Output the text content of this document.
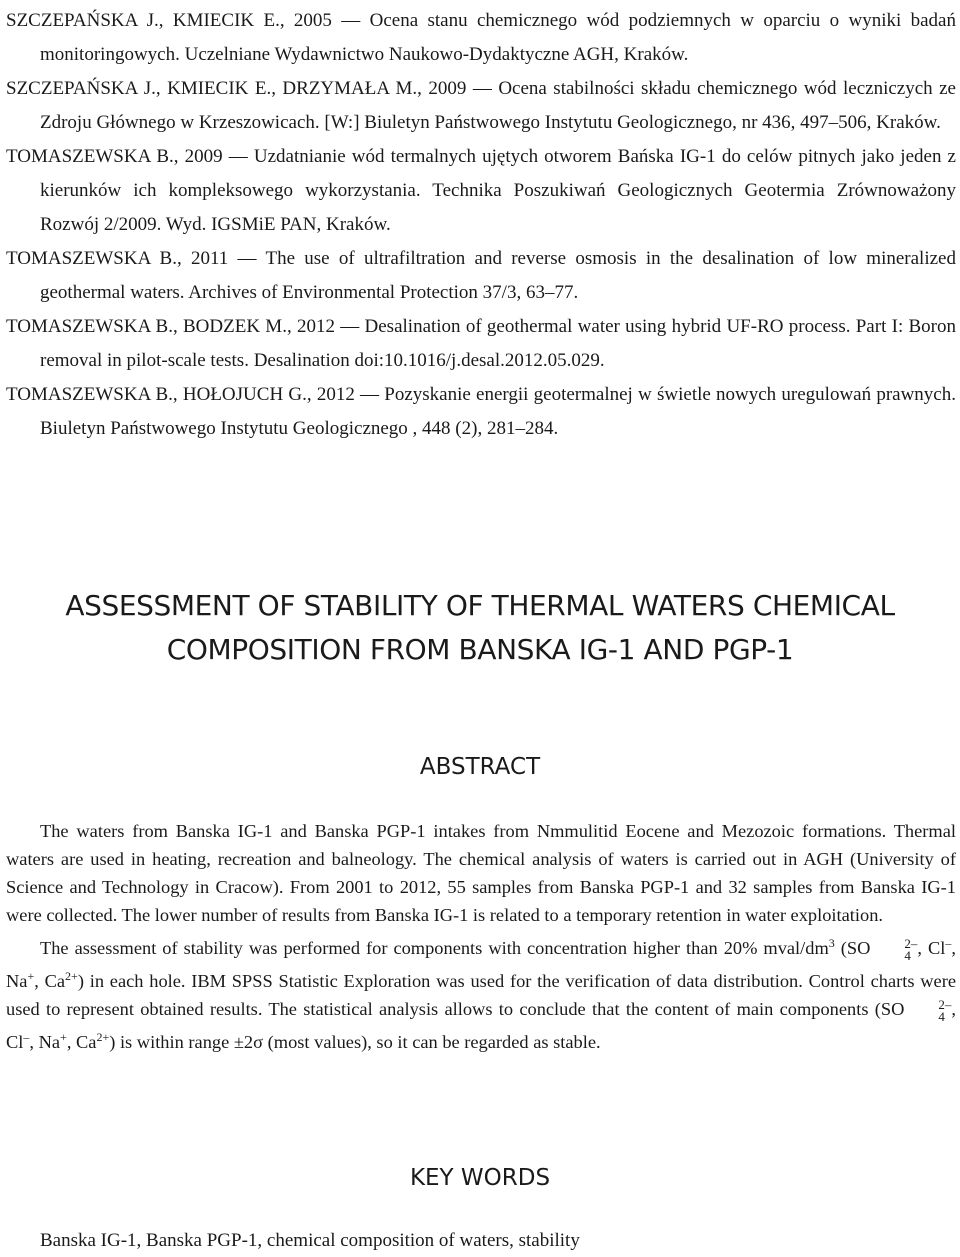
SZCZEPAŃSKA J., KMIECIK E., 2005 — Ocena stanu chemicznego wód podziemnych w oparciu o wyniki badań monitoringowych. Uczelniane Wydawnictwo Naukowo-Dydaktyczne AGH, Kraków.

SZCZEPAŃSKA J., KMIECIK E., DRZYMAŁA M., 2009 — Ocena stabilności składu chemicznego wód leczniczych ze Zdroju Głównego w Krzeszowicach. [W:] Biuletyn Państwowego Instytutu Geologicznego, nr 436, 497–506, Kraków.

TOMASZEWSKA B., 2009 — Uzdatnianie wód termalnych ujętych otworem Bańska IG-1 do celów pitnych jako jeden z kierunków ich kompleksowego wykorzystania. Technika Poszukiwań Geologicznych Geotermia Zrównoważony Rozwój 2/2009. Wyd. IGSMiE PAN, Kraków.

TOMASZEWSKA B., 2011 — The use of ultrafiltration and reverse osmosis in the desalination of low mineralized geothermal waters. Archives of Environmental Protection 37/3, 63–77.

TOMASZEWSKA B., BODZEK M., 2012 — Desalination of geothermal water using hybrid UF-RO process. Part I: Boron removal in pilot-scale tests. Desalination doi:10.1016/j.desal.2012.05.029.

TOMASZEWSKA B., HOŁOJUCH G., 2012 — Pozyskanie energii geotermalnej w świetle nowych uregulowań prawnych. Biuletyn Państwowego Instytutu Geologicznego , 448 (2), 281–284.

ASSESSMENT OF STABILITY OF THERMAL WATERS CHEMICAL
COMPOSITION FROM BANSKA IG-1 AND PGP-1
ABSTRACT

The waters from Banska IG-1 and Banska PGP-1 intakes from Nmmulitid Eocene and Mezozoic formations. Thermal waters are used in heating, recreation and balneology. The chemical analysis of waters is carried out in AGH (University of Science and Technology in Cracow). From 2001 to 2012, 55 samples from Banska PGP-1 and 32 samples from Banska IG-1 were collected. The lower number of results from Banska IG-1 is related to a temporary retention in water exploitation.

The assessment of stability was performed for components with concentration higher than 20% mval/$dm^3$ (SO	2–
4 , Cl–, Na+, $Ca^{2+}$) in each hole. IBM SPSS Statistic Exploration was used for the verification of data distribution. Control charts were used to represent obtained results. The statistical analysis allows to conclude that the content of main components (SO	2–
4 , Cl–, Na+, $Ca^{2+}$) is within range ±2σ (most values), so it can be regarded as stable.

KEY WORDS
Banska IG-1, Banska PGP-1, chemical composition of waters, stability
